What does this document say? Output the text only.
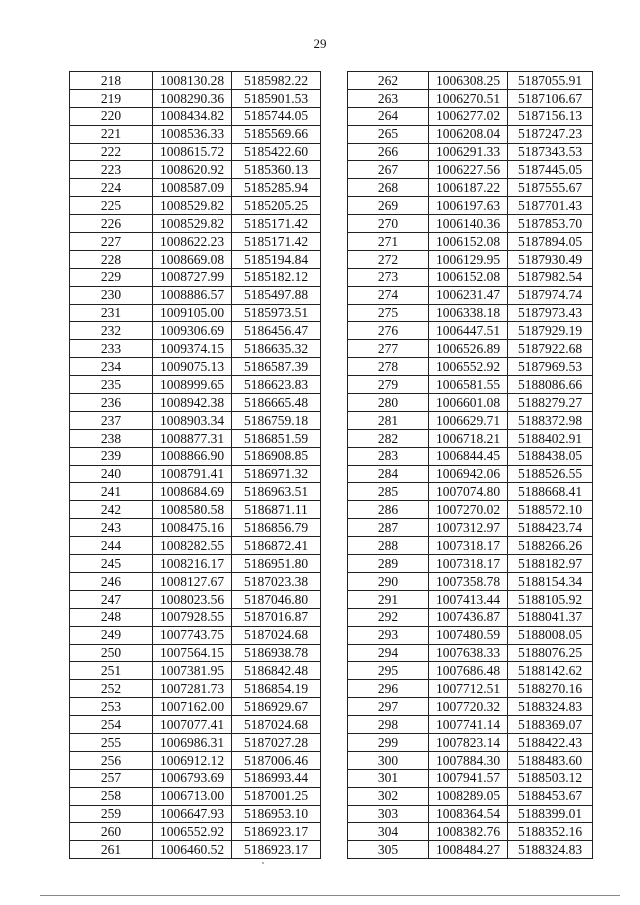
29
218	1008130.28	5185982.22
219	1008290.36	5185901.53
220	1008434.82	5185744.05
221	1008536.33	5185569.66
222	1008615.72	5185422.60
223	1008620.92	5185360.13
224	1008587.09	5185285.94
225	1008529.82	5185205.25
226	1008529.82	5185171.42
227	1008622.23	5185171.42
228	1008669.08	5185194.84
229	1008727.99	5185182.12
230	1008886.57	5185497.88
231	1009105.00	5185973.51
232	1009306.69	5186456.47
233	1009374.15	5186635.32
234	1009075.13	5186587.39
235	1008999.65	5186623.83
236	1008942.38	5186665.48
237	1008903.34	5186759.18
238	1008877.31	5186851.59
239	1008866.90	5186908.85
240	1008791.41	5186971.32
241	1008684.69	5186963.51
242	1008580.58	5186871.11
243	1008475.16	5186856.79
244	1008282.55	5186872.41
245	1008216.17	5186951.80
246	1008127.67	5187023.38
247	1008023.56	5187046.80
248	1007928.55	5187016.87
249	1007743.75	5187024.68
250	1007564.15	5186938.78
251	1007381.95	5186842.48
252	1007281.73	5186854.19
253	1007162.00	5186929.67
254	1007077.41	5187024.68
255	1006986.31	5187027.28
256	1006912.12	5187006.46
257	1006793.69	5186993.44
258	1006713.00	5187001.25
259	1006647.93	5186953.10
260	1006552.92	5186923.17
261	1006460.52	5186923.17
262	1006308.25	5187055.91
263	1006270.51	5187106.67
264	1006277.02	5187156.13
265	1006208.04	5187247.23
266	1006291.33	5187343.53
267	1006227.56	5187445.05
268	1006187.22	5187555.67
269	1006197.63	5187701.43
270	1006140.36	5187853.70
271	1006152.08	5187894.05
272	1006129.95	5187930.49
273	1006152.08	5187982.54
274	1006231.47	5187974.74
275	1006338.18	5187973.43
276	1006447.51	5187929.19
277	1006526.89	5187922.68
278	1006552.92	5187969.53
279	1006581.55	5188086.66
280	1006601.08	5188279.27
281	1006629.71	5188372.98
282	1006718.21	5188402.91
283	1006844.45	5188438.05
284	1006942.06	5188526.55
285	1007074.80	5188668.41
286	1007270.02	5188572.10
287	1007312.97	5188423.74
288	1007318.17	5188266.26
289	1007318.17	5188182.97
290	1007358.78	5188154.34
291	1007413.44	5188105.92
292	1007436.87	5188041.37
293	1007480.59	5188008.05
294	1007638.33	5188076.25
295	1007686.48	5188142.62
296	1007712.51	5188270.16
297	1007720.32	5188324.83
298	1007741.14	5188369.07
299	1007823.14	5188422.43
300	1007884.30	5188483.60
301	1007941.57	5188503.12
302	1008289.05	5188453.67
303	1008364.54	5188399.01
304	1008382.76	5188352.16
305	1008484.27	5188324.83
